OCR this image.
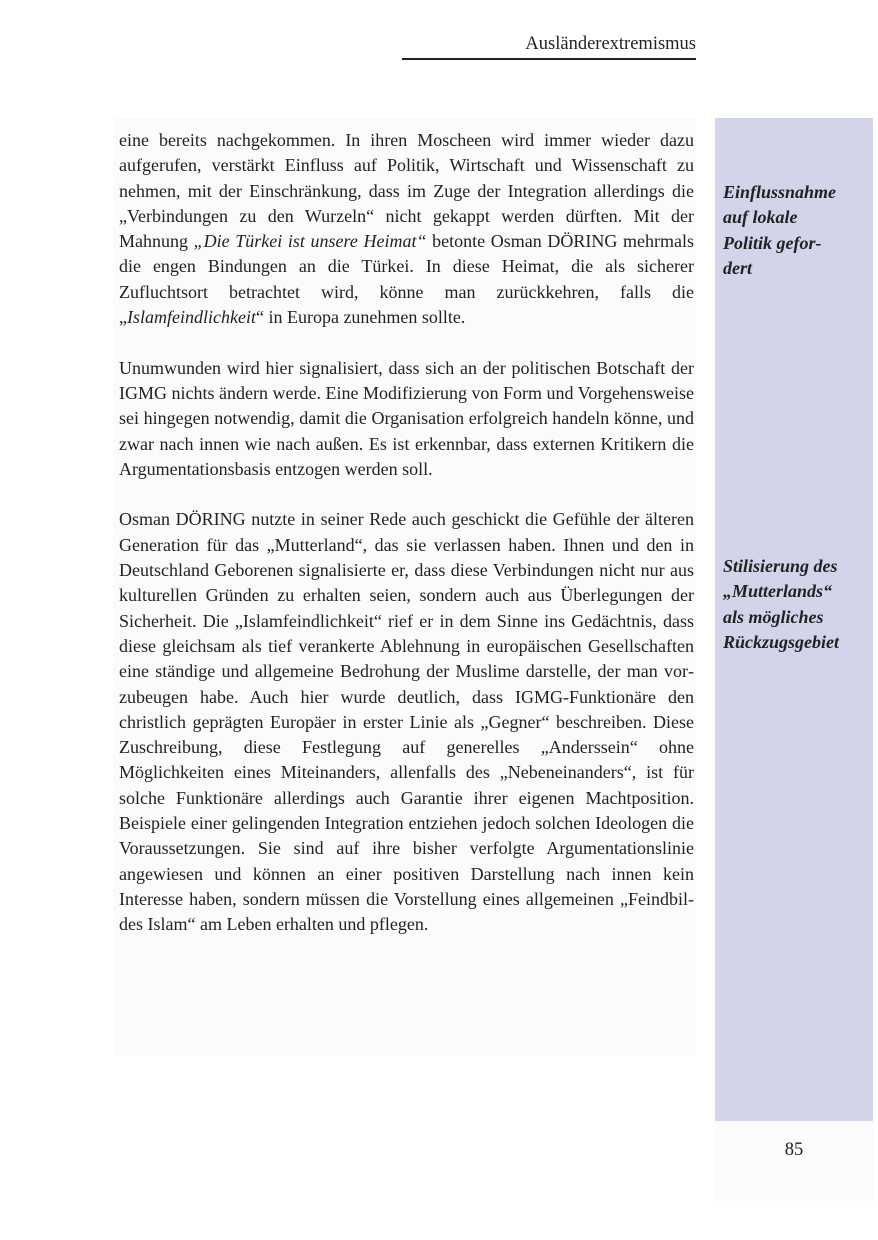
Ausländerextremismus

eine bereits nachgekommen. In ihren Moscheen wird immer wieder dazu aufgerufen, verstärkt Einfluss auf Politik, Wirtschaft und Wissenschaft zu nehmen, mit der Einschränkung, dass im Zuge der Integration allerdings die „Verbindungen zu den Wurzeln“ nicht gekappt werden dürften. Mit der Mahnung „Die Türkei ist unsere Heimat“ betonte Osman DÖRING mehrmals die engen Bindungen an die Türkei. In diese Heimat, die als sicherer Zufluchtsort betrachtet wird, könne man zurückkehren, falls die „Islamfeindlichkeit“ in Europa zunehmen sollte.

Unumwunden wird hier signalisiert, dass sich an der politischen Botschaft der IGMG nichts ändern werde. Eine Modifizierung von Form und Vorgehensweise sei hingegen notwendig, damit die Organisation erfolgreich handeln könne, und zwar nach innen wie nach außen. Es ist erkennbar, dass externen Kritikern die Argumentationsbasis entzogen werden soll.

Osman DÖRING nutzte in seiner Rede auch geschickt die Gefühle der älteren Generation für das „Mutterland“, das sie verlassen haben. Ihnen und den in Deutschland Geborenen signalisierte er, dass diese Verbindungen nicht nur aus kulturellen Gründen zu erhalten seien, sondern auch aus Überlegungen der Sicherheit. Die „Islamfeindlichkeit“ rief er in dem Sinne ins Gedächtnis, dass diese gleichsam als tief verankerte Ablehnung in europäischen Gesellschaften eine ständige und allgemeine Bedrohung der Muslime darstelle, der man vorzubeugen habe. Auch hier wurde deutlich, dass IGMG-Funktionäre den christlich geprägten Europäer in erster Linie als „Gegner“ beschreiben. Diese Zuschreibung, diese Festlegung auf generelles „Anderssein“ ohne Möglichkeiten eines Miteinanders, allenfalls des „Nebeneinanders“, ist für solche Funktionäre allerdings auch Garantie ihrer eigenen Machtposition. Beispiele einer gelingenden Integration entziehen jedoch solchen Ideologen die Voraussetzungen. Sie sind auf ihre bisher verfolgte Argumentationslinie angewiesen und können an einer positiven Darstellung nach innen kein Interesse haben, sondern müssen die Vorstellung eines allgemeinen „Feindbildes Islam“ am Leben erhalten und pflegen.

Einflussnahme
auf lokale
Politik gefor-
dert
Stilisierung des
„Mutterlands“
als mögliches
Rückzugsgebiet
85
